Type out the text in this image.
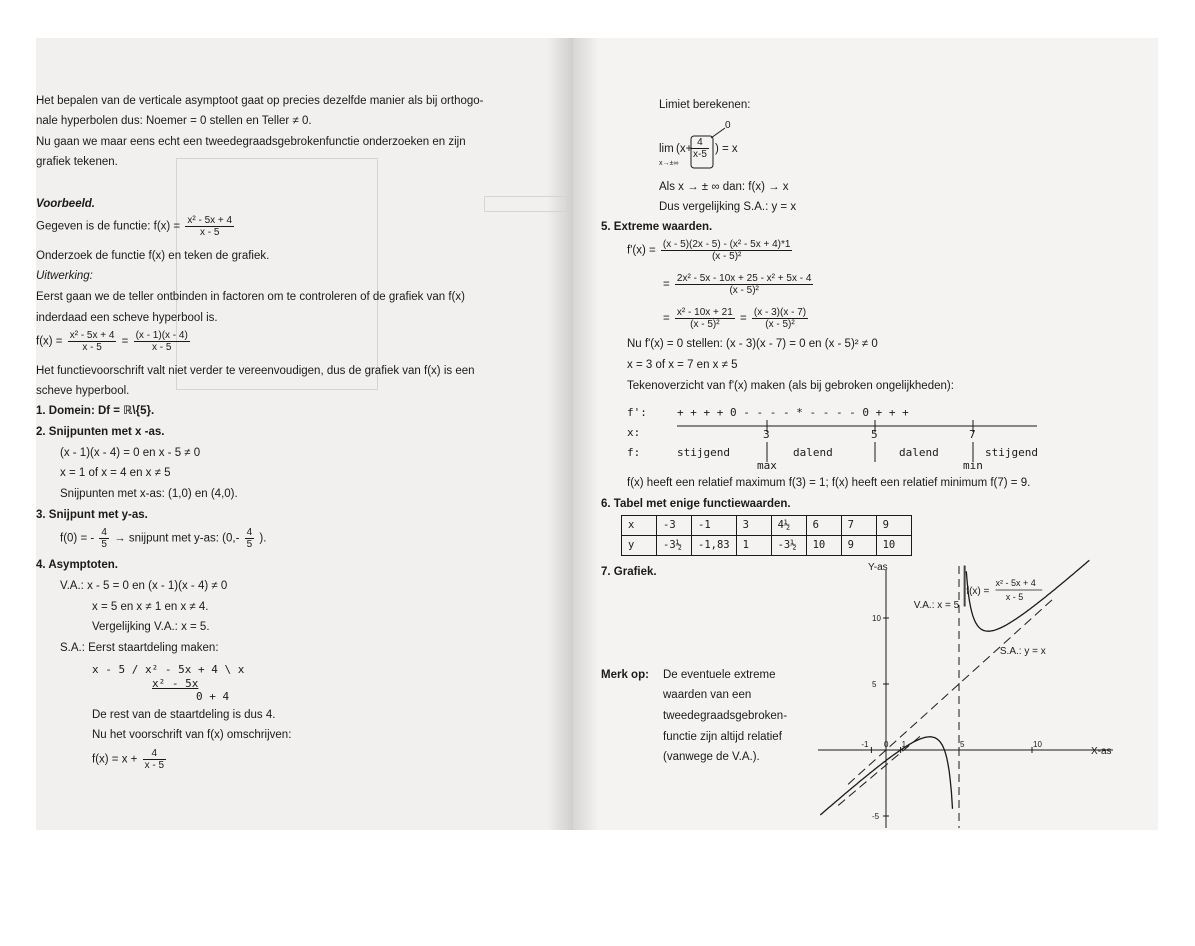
Het bepalen van de verticale asymptoot gaat op precies dezelfde manier als bij orthogo-
nale hyperbolen dus: Noemer = 0 stellen en Teller ≠ 0.
Nu gaan we maar eens echt een tweedegraadsgebrokenfunctie onderzoeken en zijn
grafiek tekenen.
Voorbeeld.
Gegeven is de functie: $f(x) = \frac{\text{x² - 5x + 4}}{x - 5}$
Onderzoek de functie f(x) en teken de grafiek.
Uitwerking:
Eerst gaan we de teller ontbinden in factoren om te controleren of de grafiek van f(x)
inderdaad een scheve hyperbool is.
$f(x) = \frac{\text{x² - 5x + 4}}{x - 5} = \frac{(x - 1)(x - 4)}{x - 5}$
Het functievoorschrift valt niet verder te vereenvoudigen, dus de grafiek van f(x) is een
scheve hyperbool.
1. Domein: Df = ℝ\{5}.
2. Snijpunten met x -as.
(x - 1)(x - 4) = 0 en x - 5 ≠ 0
x = 1 of x = 4 en x ≠ 5
Snijpunten met x-as: (1,0) en (4,0).
3. Snijpunt met y-as.
f(0) = - $\frac{4}{5}$ → snijpunt met y-as: ($0,- \frac{4}{5}$ ).
4. Asymptoten.
V.A.: x - 5 = 0 en (x - 1)(x - 4) ≠ 0
x = 5 en x ≠ 1 en x ≠ 4.
Vergelijking V.A.: x = 5.
S.A.: Eerst staartdeling maken:
x - 5 / x² - 5x + 4 \ x
x² - 5x
0 + 4
De rest van de staartdeling is dus 4.
Nu het voorschrift van f(x) omschrijven:
$f(x) = x + \frac{4}{x - 5}$
Limiet berekenen:
0
lim
x→±∞
(x+
$\frac{4}{x-5}$ ) = x
Als x → ± ∞ dan: f(x) → x
Dus vergelijking S.A.: y = x
5. Extreme waarden.
$f'(x) = \frac{\text{(x - 5)(2x - 5) - (x² - 5x + 4)*1}}{\text{(x - 5)²}}$
= $\frac{\text{2x² - 5x - 10x + 25 - x² + 5x - 4}}{\text{(x - 5)²}}$
= $\frac{\text{x² - 10x + 21}}{\text{(x - 5)²}} = \frac{(x - 3)(x - 7)}{\text{(x - 5)²}}$
Nu f'(x) = 0 stellen: (x - 3)(x - 7) = 0 en (x - 5)² ≠ 0
x = 3 of x = 7 en x ≠ 5
Tekenoverzicht van f'(x) maken (als bij gebroken ongelijkheden):
f':	+ + + + 0 - - - - * - - - - 0 + + +
x:	3	5	7
f:	stijgend	dalend	dalend	stijgend
max	min
f(x) heeft een relatief maximum f(3) = 1; f(x) heeft een relatief minimum f(7) = 9.
6. Tabel met enige functiewaarden.
x	-3	-1	3	4½	6	7	9
y	-3½	-1,83	1	-3½	10	9	10
7. Grafiek.
Merk op: De eventuele extreme
waarden van een
tweedegraadsgebroken-
functie zijn altijd relatief
(vanwege de V.A.).
-1 0 1	5	10
-5
5
10
X-as
Y-as
V.A.: x = 5
S.A.: y = x
f(x) =
x² - 5x + 4
x - 5
